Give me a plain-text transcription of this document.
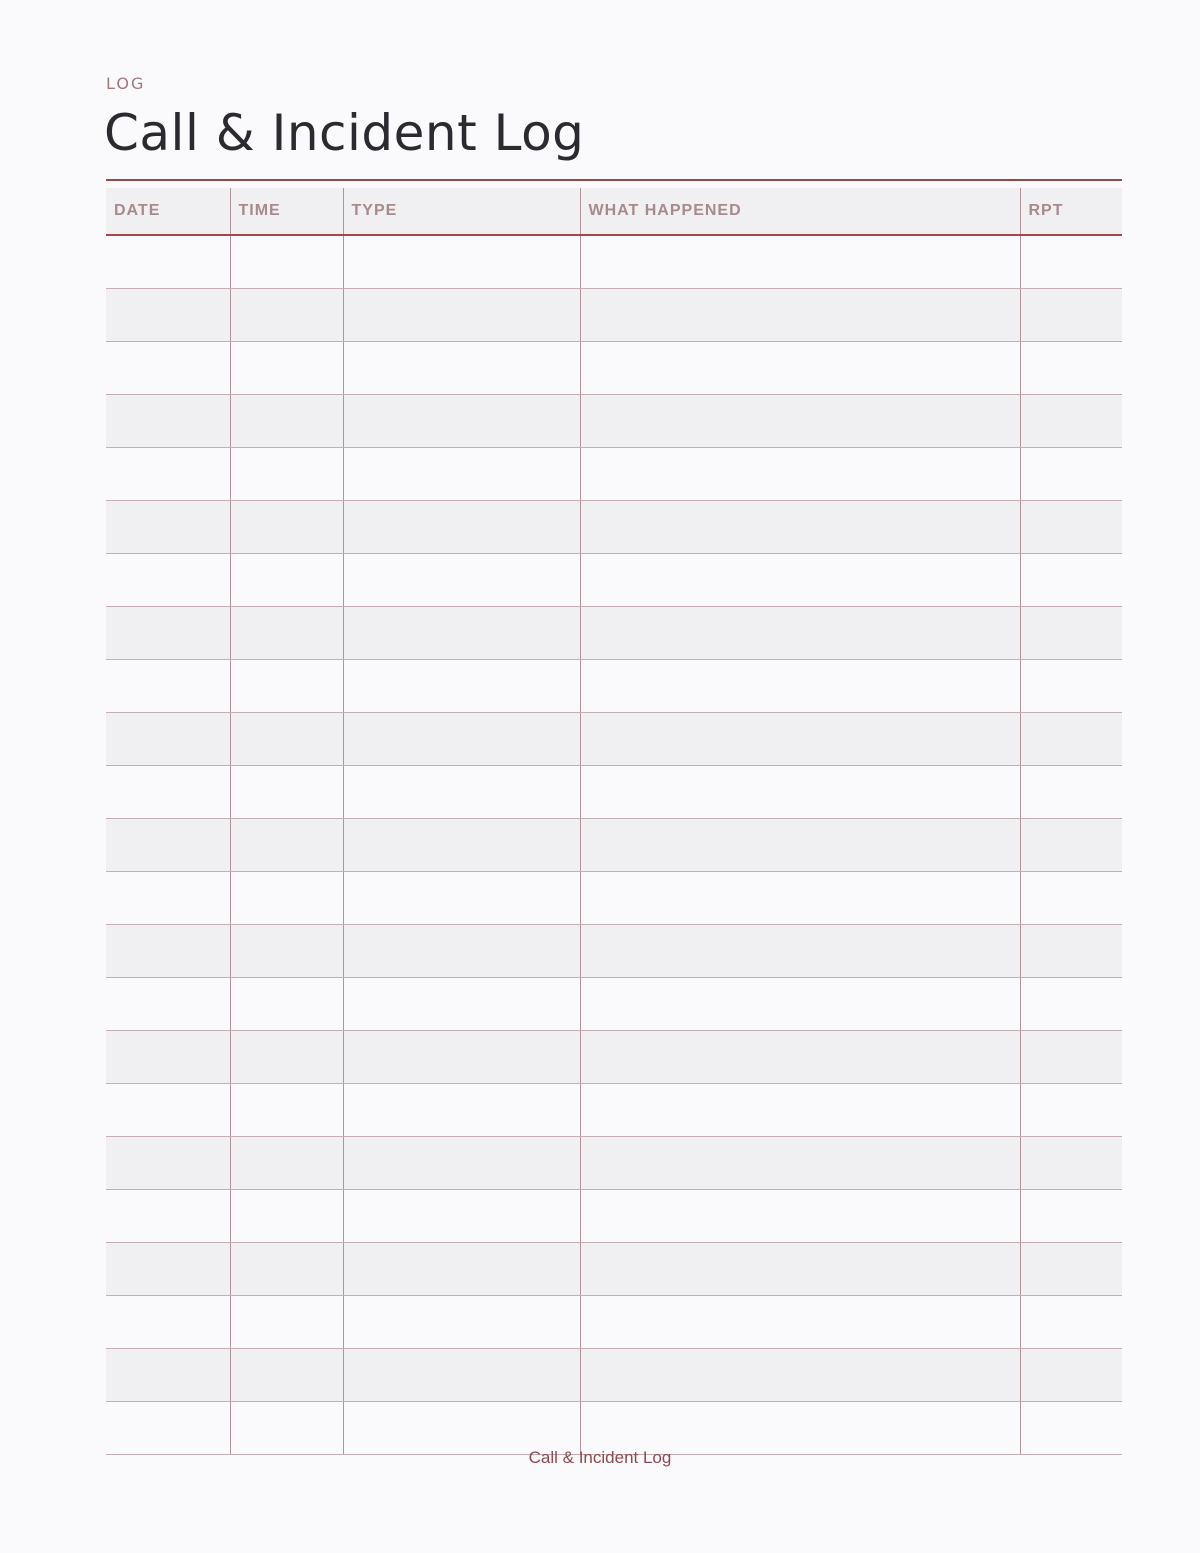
LOG
Call & Incident Log
DATE	TIME	TYPE	WHAT HAPPENED	RPT

Call & Incident Log
